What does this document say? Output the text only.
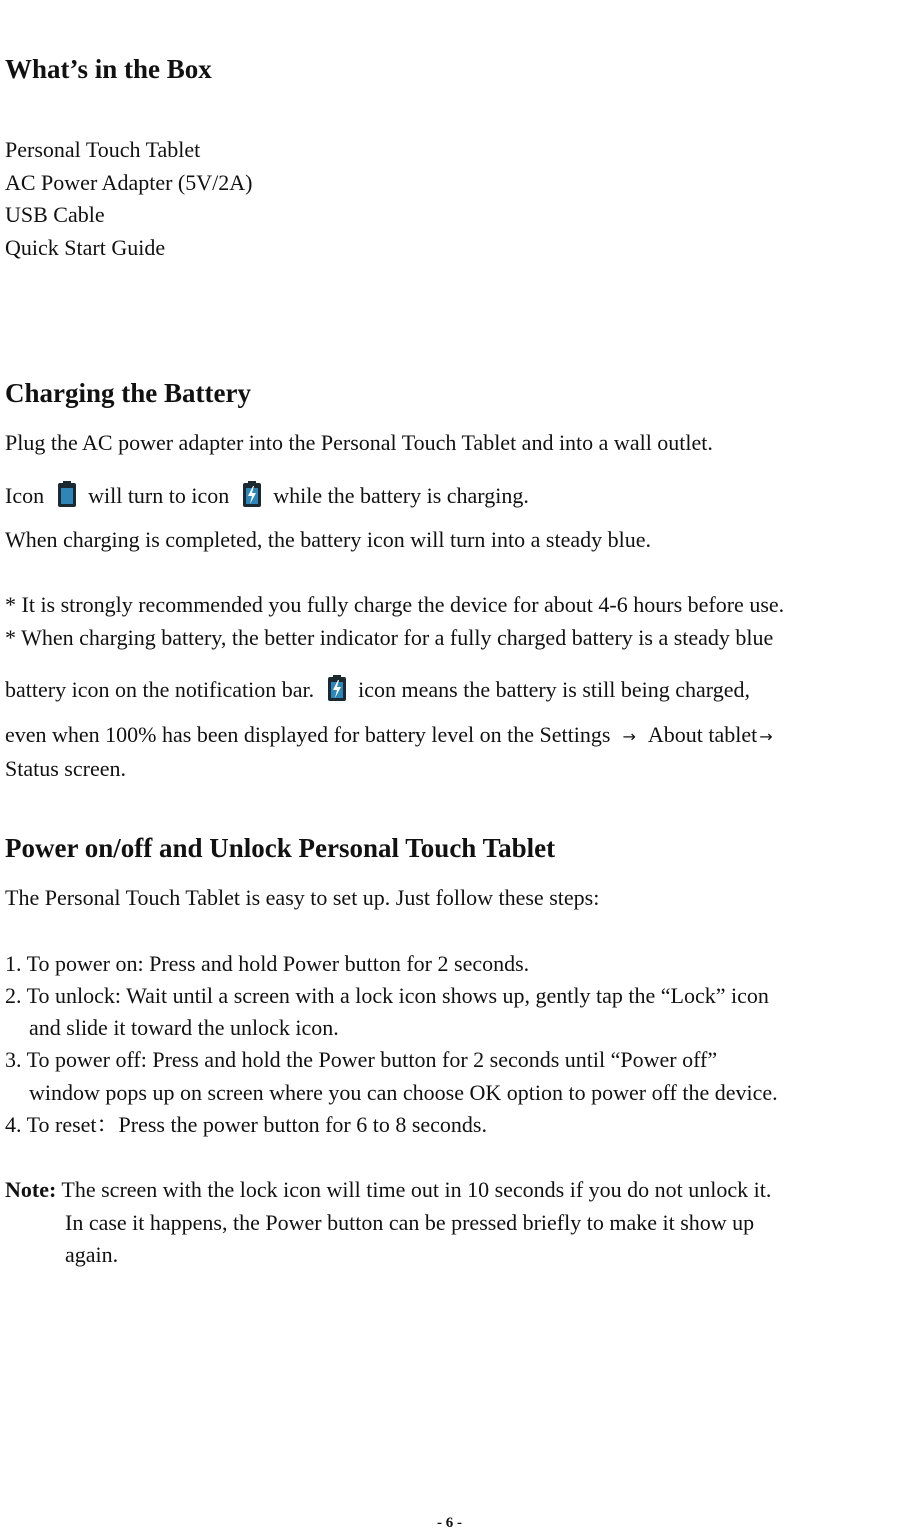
What’s in the Box
Personal Touch Tablet
AC Power Adapter (5V/2A)
USB Cable
Quick Start Guide
Charging the Battery
Plug the AC power adapter into the Personal Touch Tablet and into a wall outlet.
Icon will turn to icon while the battery is charging.
When charging is completed, the battery icon will turn into a steady blue.
* It is strongly recommended you fully charge the device for about 4-6 hours before use.
* When charging battery, the better indicator for a fully charged battery is a steady blue
battery icon on the notification bar. icon means the battery is still being charged,
even when 100% has been displayed for battery level on the Settings → About tablet →
Status screen.
Power on/off and Unlock Personal Touch Tablet
The Personal Touch Tablet is easy to set up. Just follow these steps:
1. To power on: Press and hold Power button for 2 seconds.
2. To unlock: Wait until a screen with a lock icon shows up, gently tap the “Lock” icon
and slide it toward the unlock icon.
3. To power off: Press and hold the Power button for 2 seconds until “Power off”
window pops up on screen where you can choose OK option to power off the device.
4. To reset：Press the power button for 6 to 8 seconds.
Note: The screen with the lock icon will time out in 10 seconds if you do not unlock it.
In case it happens, the Power button can be pressed briefly to make it show up
again.
- 6 -
